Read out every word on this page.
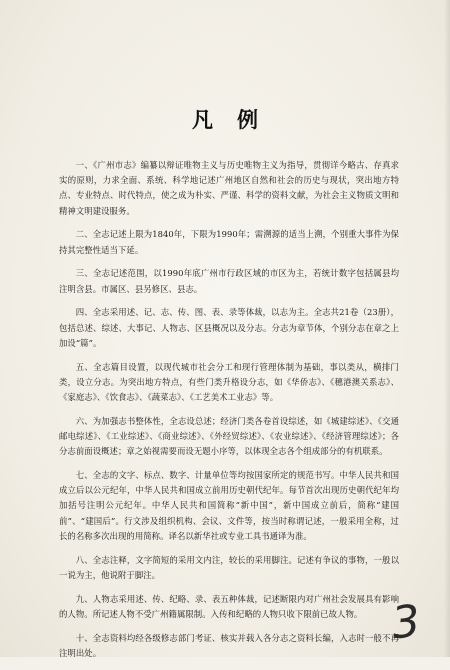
凡例

一、《广州市志》编纂以辩证唯物主义与历史唯物主义为指导，贯彻详今略古、存真求实的原则，力求全面、系统、科学地记述广州地区自然和社会的历史与现状，突出地方特点、专业特点、时代特点，使之成为朴实、严谨、科学的资料文献，为社会主义物质文明和精神文明建设服务。

二、全志记述上限为1840年，下限为1990年；需溯源的适当上溯，个别重大事件为保持其完整性适当下延。

三、全志记述范围，以1990年底广州市行政区域的市区为主，若统计数字包括属县均注明含县。市属区、县另修区、县志。

四、全志采用述、记、志、传、图、表、录等体裁，以志为主。全志共21卷（23册），包括总述、综述、大事记、人物志、区县概况以及分志。分志为章节体，个别分志在章之上加设“篇”。

五、全志篇目设置，以现代城市社会分工和现行管理体制为基础，事以类从，横排门类，设立分志。为突出地方特点，有些门类升格设分志，如《华侨志》、《穗港澳关系志》、《家庭志》、《饮食志》、《蔬菜志》、《工艺美术工业志》等。

六、为加强志书整体性，全志设总述；经济门类各卷首设综述，如《城建综述》、《交通邮电综述》、《工业综述》、《商业综述》、《外经贸综述》、《农业综述》、《经济管理综述》；各分志前面设概述；章之始视需要而设无题小序等，以体现全志各个组成部分的有机联系。

七、全志的文字、标点、数字、计量单位等均按国家所定的规范书写。中华人民共和国成立后以公元纪年，中华人民共和国成立前用历史朝代纪年。每节首次出现历史朝代纪年均加括号注明公元纪年。中华人民共和国简称“新中国”，新中国成立前后，简称“建国前”、“建国后”。行文涉及组织机构、会议、文件等，按当时称谓记述，一般采用全称，过长的名称多次出现的用简称。译名以新华社或专业工具书通译为准。

八、全志注释，文字简短的采用文内注，较长的采用脚注。记述有争议的事物，一般以一说为主，他说附于脚注。

九、人物志采用述、传、纪略、录、表五种体裁，记述断限内对广州社会发展具有影响的人物。所记述人物不受广州籍属限制。入传和纪略的人物只收下限前已故人物。

十、全志资料均经各级修志部门考证、核实并载入各分志之资料长编，入志时一般不再注明出处。

3
